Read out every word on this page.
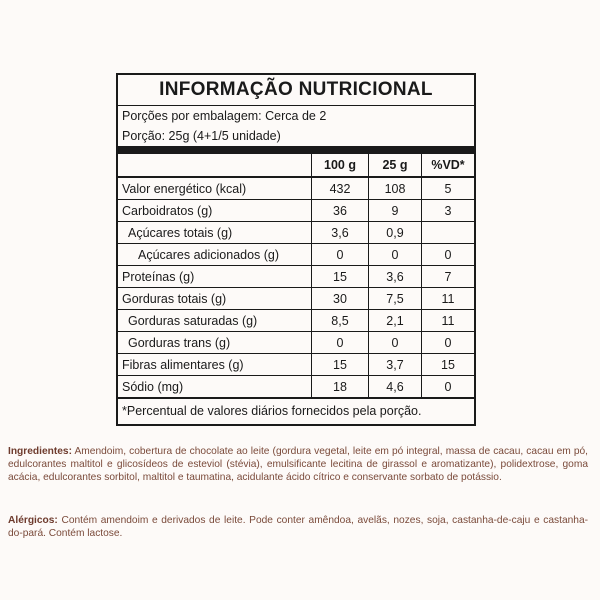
INFORMAÇÃO NUTRICIONAL
Porções por embalagem: Cerca de 2
Porção: 25g (4+1/5 unidade)
	100 g	25 g	%VD*
Valor energético (kcal)	432	108	5
Carboidratos (g)	36	9	3
Açúcares totais (g)	3,6	0,9	
Açúcares adicionados (g)	0	0	0
Proteínas (g)	15	3,6	7
Gorduras totais (g)	30	7,5	11
Gorduras saturadas (g)	8,5	2,1	11
Gorduras trans (g)	0	0	0
Fibras alimentares (g)	15	3,7	15
Sódio (mg)	18	4,6	0
*Percentual de valores diários fornecidos pela porção.
Ingredientes: Amendoim, cobertura de chocolate ao leite (gordura vegetal, leite em pó integral, massa de cacau, cacau em pó, edulcorantes maltitol e glicosídeos de esteviol (stévia), emulsificante lecitina de girassol e aromatizante), polidextrose, goma acácia, edulcorantes sorbitol, maltitol e taumatina, acidulante ácido cítrico e conservante sorbato de potássio.
Alérgicos: Contém amendoim e derivados de leite. Pode conter amêndoa, avelãs, nozes, soja, castanha-de-caju e castanha-do-pará. Contém lactose.
